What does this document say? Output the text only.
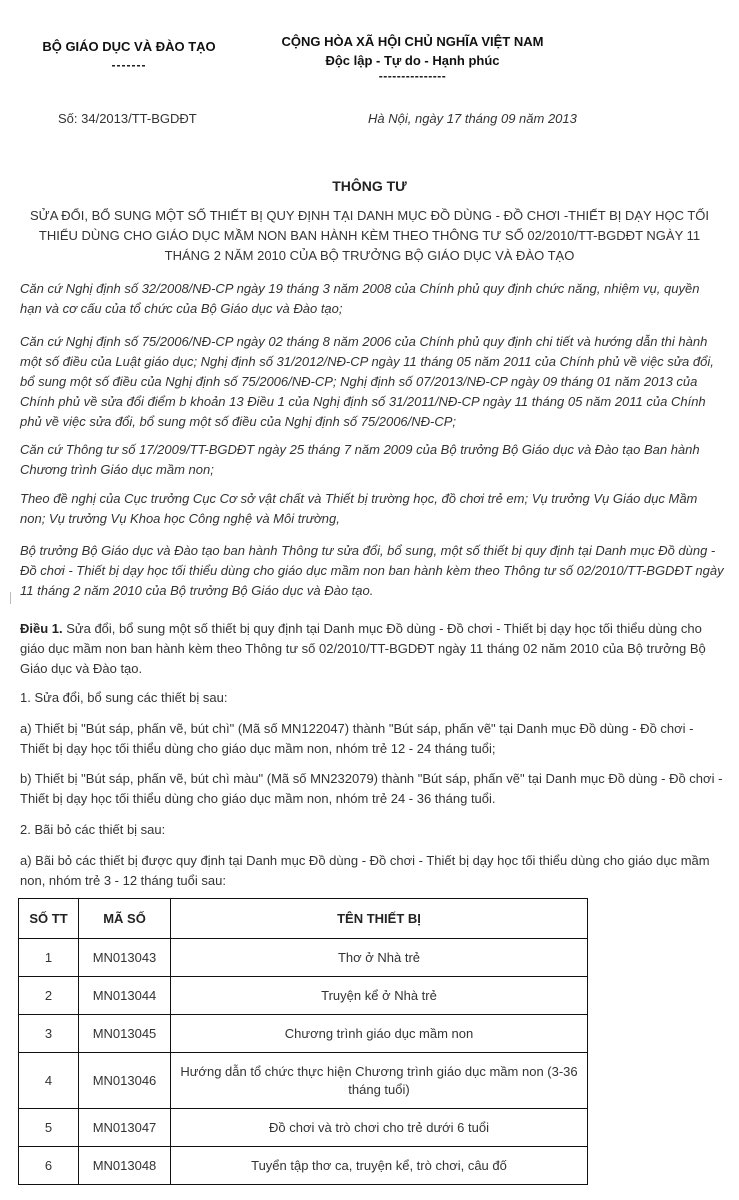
BỘ GIÁO DỤC VÀ ĐÀO TẠO
-------
CỘNG HÒA XÃ HỘI CHỦ NGHĨA VIỆT NAM
Độc lập - Tự do - Hạnh phúc
---------------
Số: 34/2013/TT-BGDĐT	Hà Nội, ngày 17 tháng 09 năm 2013
THÔNG TƯ
SỬA ĐỔI, BỔ SUNG MỘT SỐ THIẾT BỊ QUY ĐỊNH TẠI DANH MỤC ĐỒ DÙNG - ĐỒ CHƠI -THIẾT BỊ DẠY HỌC TỐI THIỂU DÙNG CHO GIÁO DỤC MẦM NON BAN HÀNH KÈM THEO THÔNG TƯ SỐ 02/2010/TT-BGDĐT NGÀY 11 THÁNG 2 NĂM 2010 CỦA BỘ TRƯỞNG BỘ GIÁO DỤC VÀ ĐÀO TẠO
Căn cứ Nghị định số 32/2008/NĐ-CP ngày 19 tháng 3 năm 2008 của Chính phủ quy định chức năng, nhiệm vụ, quyền hạn và cơ cấu của tổ chức của Bộ Giáo dục và Đào tạo;
Căn cứ Nghị định số 75/2006/NĐ-CP ngày 02 tháng 8 năm 2006 của Chính phủ quy định chi tiết và hướng dẫn thi hành một số điều của Luật giáo dục; Nghị định số 31/2012/NĐ-CP ngày 11 tháng 05 năm 2011 của Chính phủ về việc sửa đổi, bổ sung một số điều của Nghị định số 75/2006/NĐ-CP; Nghị định số 07/2013/NĐ-CP ngày 09 tháng 01 năm 2013 của Chính phủ về sửa đổi điểm b khoản 13 Điều 1 của Nghị định số 31/2011/NĐ-CP ngày 11 tháng 05 năm 2011 của Chính phủ về việc sửa đổi, bổ sung một số điều của Nghị định số 75/2006/NĐ-CP;
Căn cứ Thông tư số 17/2009/TT-BGDĐT ngày 25 tháng 7 năm 2009 của Bộ trưởng Bộ Giáo dục và Đào tạo Ban hành Chương trình Giáo dục mầm non;
Theo đề nghị của Cục trưởng Cục Cơ sở vật chất và Thiết bị trường học, đồ chơi trẻ em; Vụ trưởng Vụ Giáo dục Mầm non; Vụ trưởng Vụ Khoa học Công nghệ và Môi trường,
Bộ trưởng Bộ Giáo dục và Đào tạo ban hành Thông tư sửa đổi, bổ sung, một số thiết bị quy định tại Danh mục Đồ dùng - Đồ chơi - Thiết bị dạy học tối thiểu dùng cho giáo dục mầm non ban hành kèm theo Thông tư số 02/2010/TT-BGDĐT ngày 11 tháng 2 năm 2010 của Bộ trưởng Bộ Giáo dục và Đào tạo.
Điều 1. Sửa đổi, bổ sung một số thiết bị quy định tại Danh mục Đồ dùng - Đồ chơi - Thiết bị dạy học tối thiểu dùng cho giáo dục mầm non ban hành kèm theo Thông tư số 02/2010/TT-BGDĐT ngày 11 tháng 02 năm 2010 của Bộ trưởng Bộ Giáo dục và Đào tạo.
1. Sửa đổi, bổ sung các thiết bị sau:
a) Thiết bị "Bút sáp, phấn vẽ, bút chì" (Mã số MN122047) thành "Bút sáp, phấn vẽ" tại Danh mục Đồ dùng - Đồ chơi - Thiết bị dạy học tối thiểu dùng cho giáo dục mầm non, nhóm trẻ 12 - 24 tháng tuổi;
b) Thiết bị "Bút sáp, phấn vẽ, bút chì màu" (Mã số MN232079) thành "Bút sáp, phấn vẽ" tại Danh mục Đồ dùng - Đồ chơi - Thiết bị dạy học tối thiểu dùng cho giáo dục mầm non, nhóm trẻ 24 - 36 tháng tuổi.
2. Bãi bỏ các thiết bị sau:
a) Bãi bỏ các thiết bị được quy định tại Danh mục Đồ dùng - Đồ chơi - Thiết bị dạy học tối thiểu dùng cho giáo dục mầm non, nhóm trẻ 3 - 12 tháng tuổi sau:
SỐ TT	MÃ SỐ	TÊN THIẾT BỊ
1	MN013043	Thơ ở Nhà trẻ
2	MN013044	Truyện kể ở Nhà trẻ
3	MN013045	Chương trình giáo dục mầm non
4	MN013046	Hướng dẫn tổ chức thực hiện Chương trình giáo dục mầm non (3-36 tháng tuổi)
5	MN013047	Đồ chơi và trò chơi cho trẻ dưới 6 tuổi
6	MN013048	Tuyển tập thơ ca, truyện kể, trò chơi, câu đố
